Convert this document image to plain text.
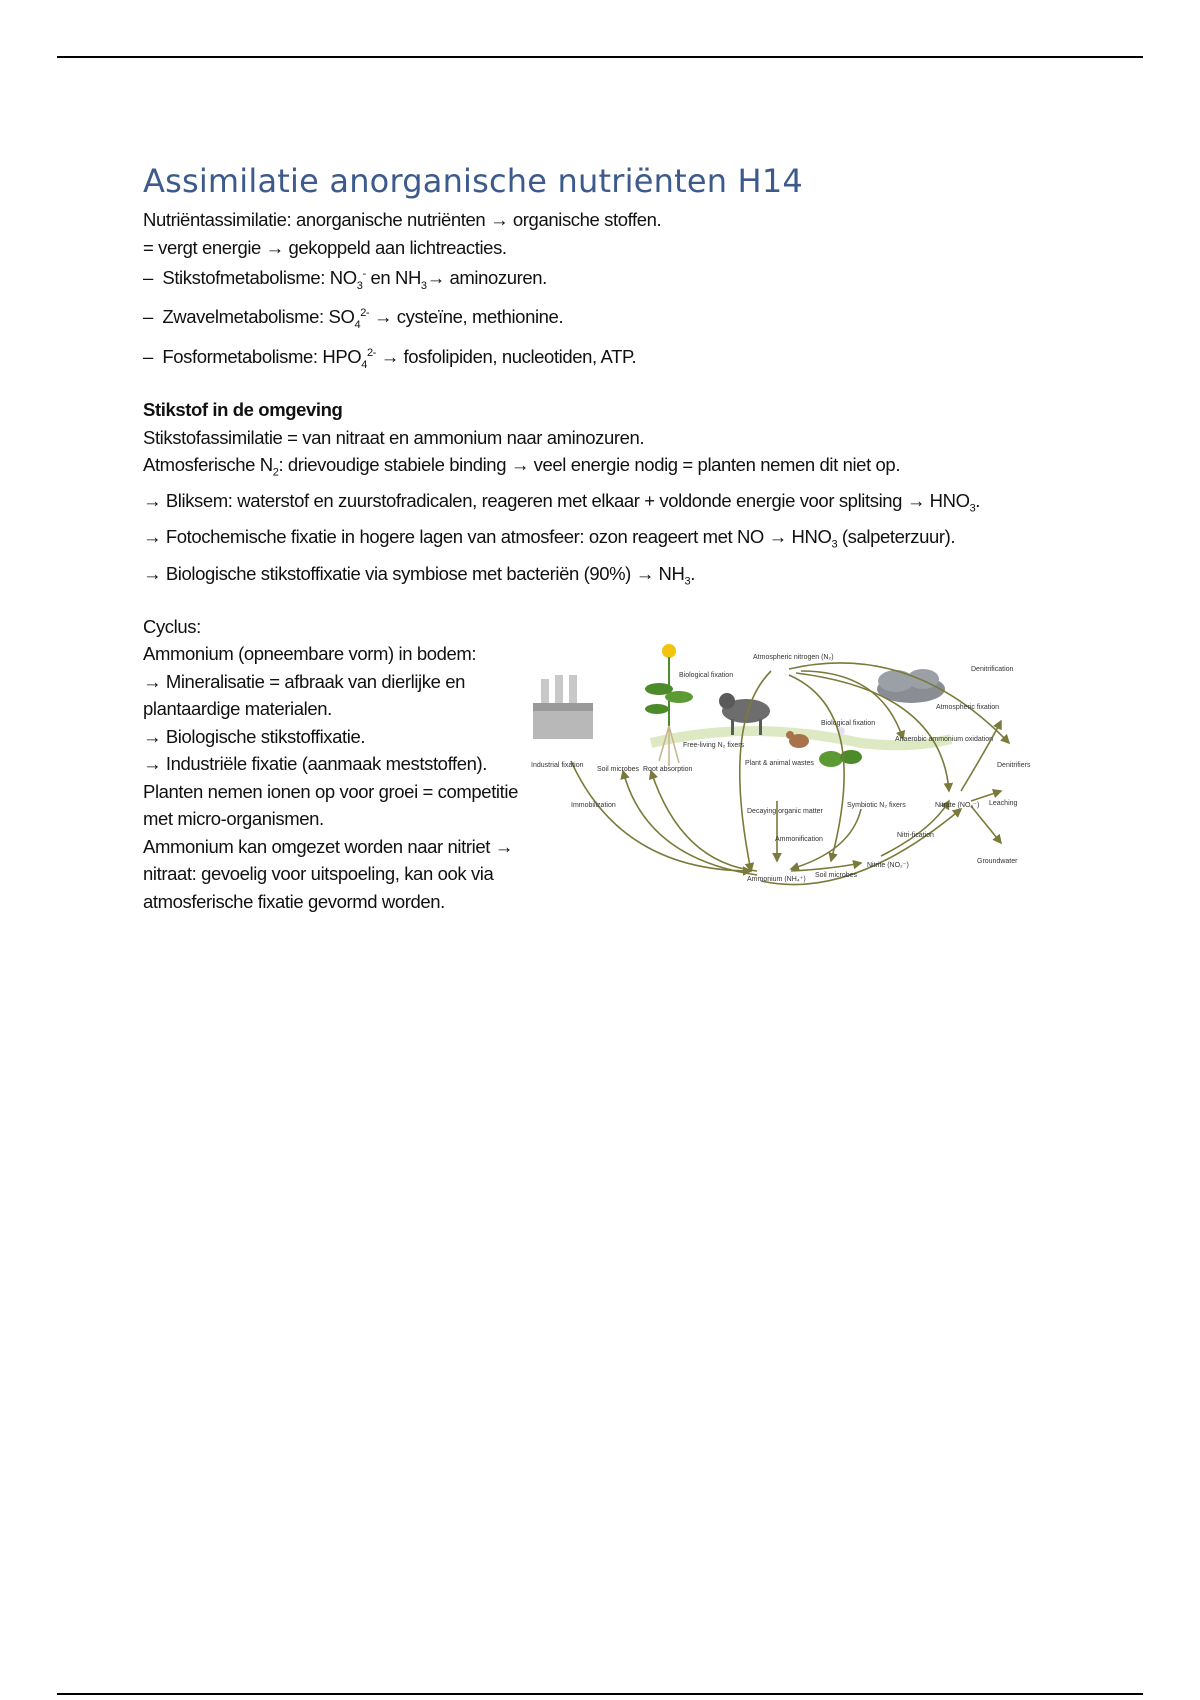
Assimilatie anorganische nutriënten H14
Nutriëntassimilatie: anorganische nutriënten → organische stoffen.
= vergt energie → gekoppeld aan lichtreacties.
– Stikstofmetabolisme: $NO_3^-$ en $NH_3\to$ aminozuren.
– Zwavelmetabolisme: $SO_4^{2-}$ → cysteïne, methionine.
– Fosformetabolisme: $HPO_4^{2-}$ → fosfolipiden, nucleotiden, ATP.
Stikstof in de omgeving
Stikstofassimilatie = van nitraat en ammonium naar aminozuren.
Atmosferische $N_2$: drievoudige stabiele binding → veel energie nodig = planten nemen dit niet op.
→ Bliksem: waterstof en zuurstofradicalen, reageren met elkaar + voldonde energie voor splitsing → $HNO_3$.
→ Fotochemische fixatie in hogere lagen van atmosfeer: ozon reageert met NO → $HNO_3$ (salpeterzuur).
→ Biologische stikstoffixatie via symbiose met bacteriën $(90\%) \to NH_3$.
Cyclus:
Ammonium (opneembare vorm) in bodem:
→ Mineralisatie = afbraak van dierlijke en plantaardige materialen.
→ Biologische stikstoffixatie.
→ Industriële fixatie (aanmaak meststoffen).
Planten nemen ionen op voor groei = competitie met micro-organismen.
Ammonium kan omgezet worden naar nitriet → nitraat: gevoelig voor uitspoeling, kan ook via atmosferische fixatie gevormd worden.
Atmospheric nitrogen (N₂)
Denitrification
Biological fixation
Biological fixation
Atmospheric fixation
Industrial fixation
Soil microbes Root absorption
Free-living N₂ fixers
Plant & animal wastes
Anaerobic ammonium oxidation
Denitrifiers
Immobilization
Decaying organic matter
Symbiotic N₂ fixers	Nitrate (NO₃⁻) Leaching
Ammonification
Nitri-fication
Groundwater
Ammonium (NH₄⁺)
Soil microbes
Nitrite (NO₂⁻)
